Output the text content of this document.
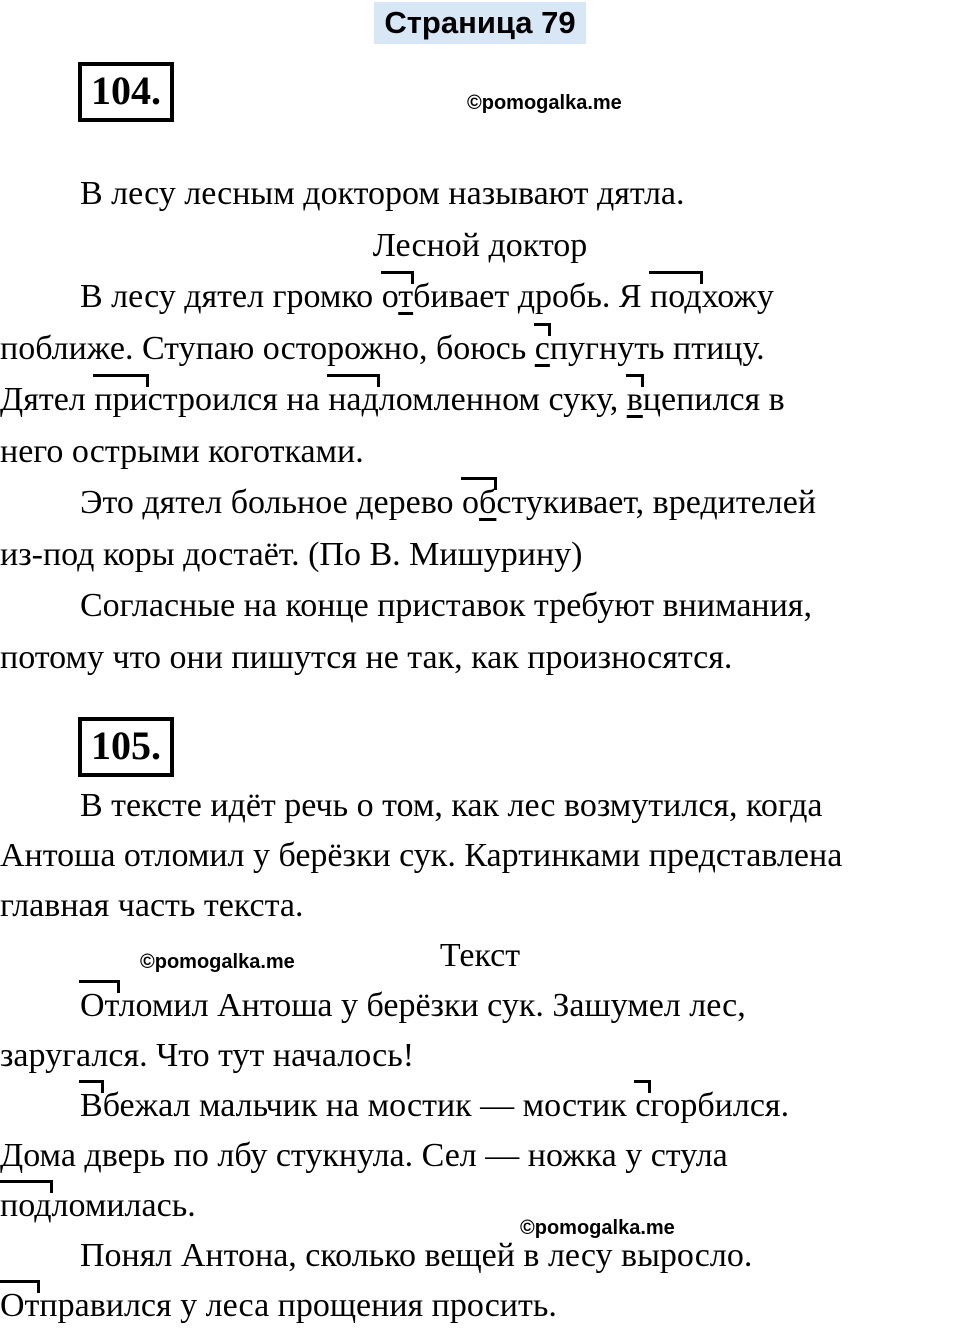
Страница 79
104.	©pomogalka.me
В лесу лесным доктором называют дятла.
Лесной доктор
В лесу дятел громко отбивает дробь. Я подхожу
поближе. Ступаю осторожно, боюсь спугнуть птицу.
Дятел пристроился на надломленном суку, вцепился в
него острыми коготками.
Это дятел больное дерево обстукивает, вредителей
из-под коры достаёт. (По В. Мишурину)
Согласные на конце приставок требуют внимания,
потому что они пишутся не так, как произносятся.
105.
В тексте идёт речь о том, как лес возмутился, когда
Антоша отломил у берёзки сук. Картинками представлена
главная часть текста.
Текст
©pomogalka.me
Отломил Антоша у берёзки сук. Зашумел лес,
заругался. Что тут началось!
Вбежал мальчик на мостик — мостик сгорбился.
Дома дверь по лбу стукнула. Сел — ножка у стула
подломилась.
©pomogalka.me
Понял Антона, сколько вещей в лесу выросло.
Отправился у леса прощения просить.
